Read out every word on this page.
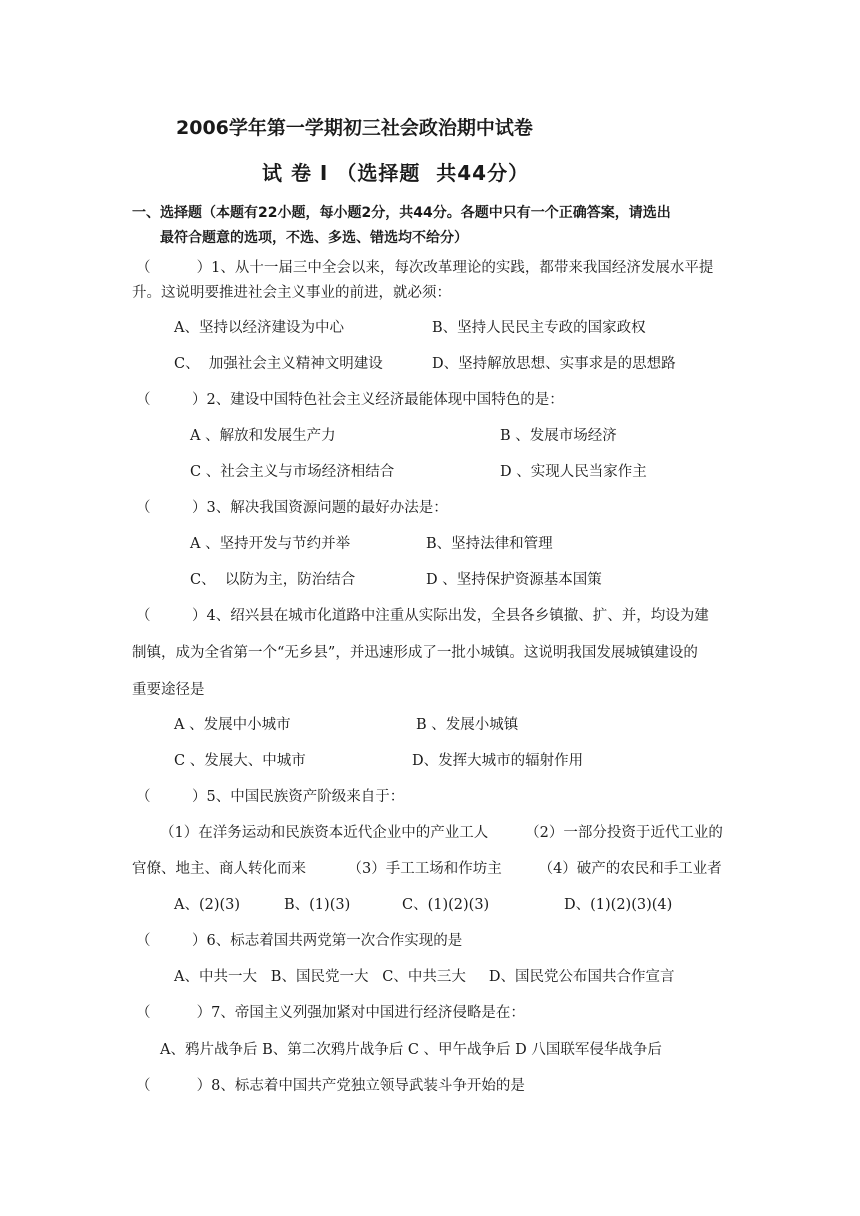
2006学年第一学期初三社会政治期中试卷
试 卷 Ⅰ （选择题  共44分）
一、选择题（本题有22小题，每小题2分，共44分。各题中只有一个正确答案，请选出
最符合题意的选项，不选、多选、错选均不给分）
（          ）1、从十一届三中全会以来，每次改革理论的实践，都带来我国经济发展水平提
升。这说明要推进社会主义事业的前进，就必须：
A、坚持以经济建设为中心	B、坚持人民民主专政的国家政权
C、  加强社会主义精神文明建设	D、坚持解放思想、实事求是的思想路
（         ）2、建设中国特色社会主义经济最能体现中国特色的是：
A 、解放和发展生产力	B 、发展市场经济
C 、社会主义与市场经济相结合	D 、实现人民当家作主
（         ）3、解决我国资源问题的最好办法是：
A 、坚持开发与节约并举	B、坚持法律和管理
C、  以防为主，防治结合	D 、坚持保护资源基本国策
（         ）4、绍兴县在城市化道路中注重从实际出发，全县各乡镇撤、扩、并，均设为建
制镇，成为全省第一个“无乡县”，并迅速形成了一批小城镇。这说明我国发展城镇建设的
重要途径是
A 、发展中小城市	B 、发展小城镇
C 、发展大、中城市	D、发挥大城市的辐射作用
（         ）5、中国民族资产阶级来自于：
（1）在洋务运动和民族资本近代企业中的产业工人        （2）一部分投资于近代工业的
官僚、地主、商人转化而来         （3）手工工场和作坊主        （4）破产的农民和手工业者
A、(2)(3)	B、(1)(3)	C、(1)(2)(3)	D、(1)(2)(3)(4)
（         ）6、标志着国共两党第一次合作实现的是
A、中共一大   B、国民党一大   C、中共三大     D、国民党公布国共合作宣言
（          ）7、帝国主义列强加紧对中国进行经济侵略是在：
A、鸦片战争后 B、第二次鸦片战争后 C 、甲午战争后 D 八国联军侵华战争后
（          ）8、标志着中国共产党独立领导武装斗争开始的是
